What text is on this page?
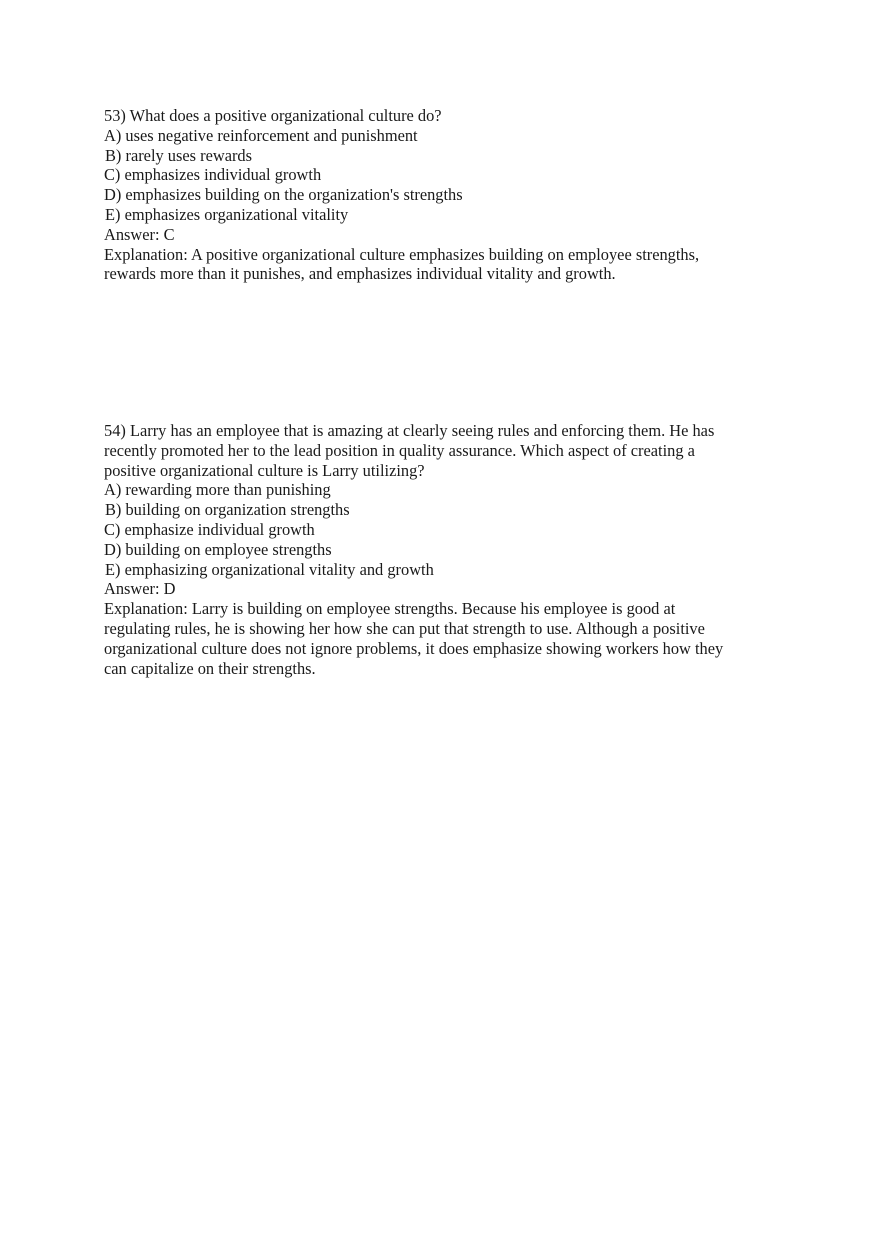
53) What does a positive organizational culture do?
A) uses negative reinforcement and punishment
B) rarely uses rewards
C) emphasizes individual growth
D) emphasizes building on the organization's strengths
E) emphasizes organizational vitality
Answer: C
Explanation: A positive organizational culture emphasizes building on employee strengths,
rewards more than it punishes, and emphasizes individual vitality and growth.
54) Larry has an employee that is amazing at clearly seeing rules and enforcing them. He has
recently promoted her to the lead position in quality assurance. Which aspect of creating a
positive organizational culture is Larry utilizing?
A) rewarding more than punishing
B) building on organization strengths
C) emphasize individual growth
D) building on employee strengths
E) emphasizing organizational vitality and growth
Answer: D
Explanation: Larry is building on employee strengths. Because his employee is good at
regulating rules, he is showing her how she can put that strength to use. Although a positive
organizational culture does not ignore problems, it does emphasize showing workers how they
can capitalize on their strengths.
